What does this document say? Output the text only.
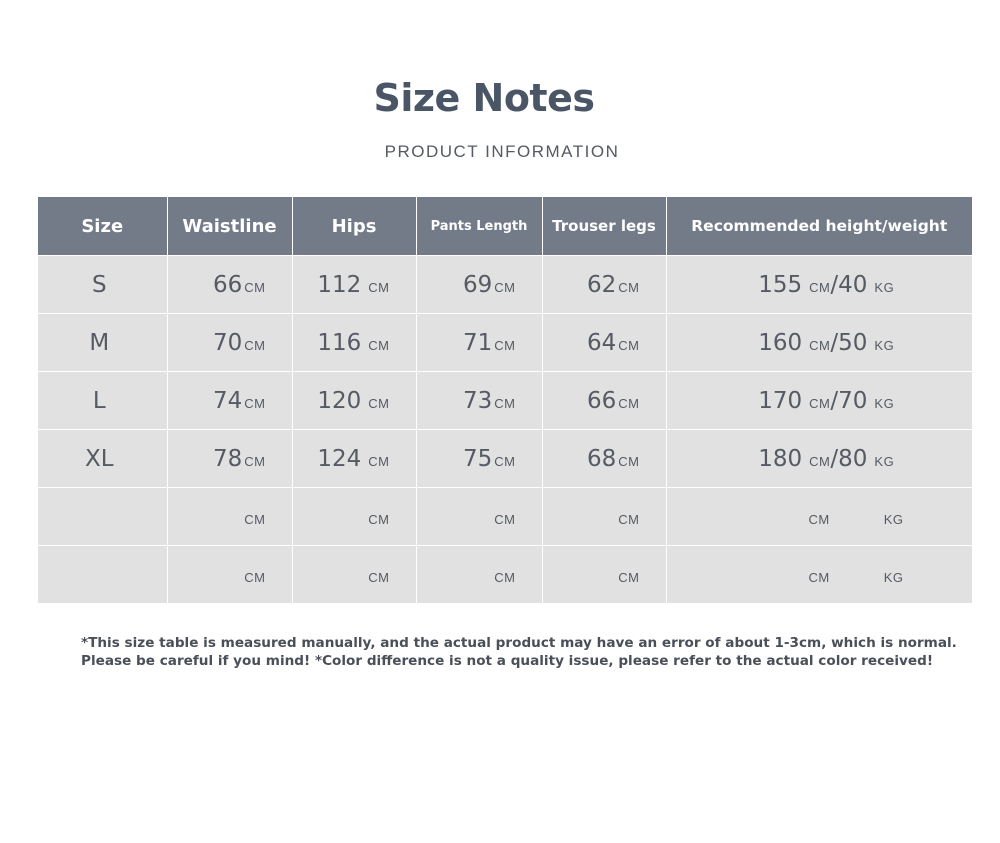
Size Notes
PRODUCT INFORMATION
Size	Waistline	Hips	Pants Length	Trouser legs	Recommended height/weight
S	66 CM	112 CM	69 CM	62 CM	155 CM/40 KG

M	70 CM	116 CM	71 CM	64 CM	160 CM/50 KG

L	74 CM	120 CM	73 CM	66 CM	170 CM/70 KG

XL	78 CM	124 CM	75 CM	68 CM	180 CM/80 KG

	CM	CM	CM	CM	CM KG

	CM	CM	CM	CM	CM KG
*This size table is measured manually, and the actual product may have an error of about 1-3cm, which is normal.
Please be careful if you mind! *Color difference is not a quality issue, please refer to the actual color received!
